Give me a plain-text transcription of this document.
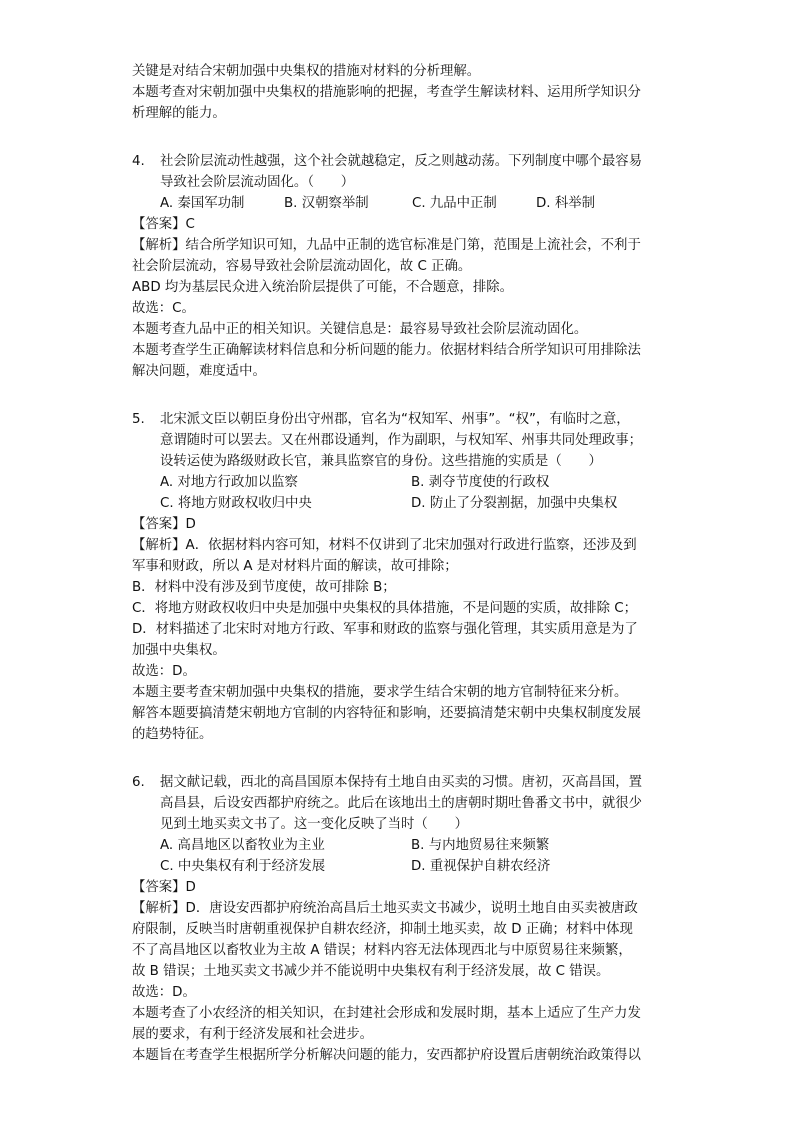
关键是对结合宋朝加强中央集权的措施对材料的分析理解。

本题考查对宋朝加强中央集权的措施影响的把握，考查学生解读材料、运用所学知识分

析理解的能力。

4.	社会阶层流动性越强，这个社会就越稳定，反之则越动荡。下列制度中哪个最容易

导致社会阶层流动固化。（　　）

A. 秦国军功制	B. 汉朝察举制	C. 九品中正制	D. 科举制

【答案】C

【解析】结合所学知识可知，九品中正制的选官标准是门第，范围是上流社会，不利于

社会阶层流动，容易导致社会阶层流动固化，故 C 正确。

ABD 均为基层民众进入统治阶层提供了可能，不合题意，排除。

故选：C。

本题考查九品中正的相关知识。关键信息是：最容易导致社会阶层流动固化。

本题考查学生正确解读材料信息和分析问题的能力。依据材料结合所学知识可用排除法

解决问题，难度适中。

5.	北宋派文臣以朝臣身份出守州郡，官名为“权知军、州事”。“权”，有临时之意，

意谓随时可以罢去。又在州郡设通判，作为副职，与权知军、州事共同处理政事；

设转运使为路级财政长官，兼具监察官的身份。这些措施的实质是（　　）

A. 对地方行政加以监察	B. 剥夺节度使的行政权
C. 将地方财政权收归中央	D. 防止了分裂割据，加强中央集权

【答案】D

【解析】A．依据材料内容可知，材料不仅讲到了北宋加强对行政进行监察，还涉及到

军事和财政，所以 A 是对材料片面的解读，故可排除；

B．材料中没有涉及到节度使，故可排除 B；

C．将地方财政权收归中央是加强中央集权的具体措施，不是问题的实质，故排除 C；

D．材料描述了北宋时对地方行政、军事和财政的监察与强化管理，其实质用意是为了

加强中央集权。

故选：D。

本题主要考查宋朝加强中央集权的措施，要求学生结合宋朝的地方官制特征来分析。

解答本题要搞清楚宋朝地方官制的内容特征和影响，还要搞清楚宋朝中央集权制度发展

的趋势特征。

6.	据文献记载，西北的高昌国原本保持有土地自由买卖的习惯。唐初，灭高昌国，置

高昌县，后设安西都护府统之。此后在该地出土的唐朝时期吐鲁番文书中，就很少

见到土地买卖文书了。这一变化反映了当时（　　）

A. 高昌地区以畜牧业为主业	B. 与内地贸易往来频繁
C. 中央集权有利于经济发展	D. 重视保护自耕农经济

【答案】D

【解析】D．唐设安西都护府统治高昌后土地买卖文书减少，说明土地自由买卖被唐政

府限制，反映当时唐朝重视保护自耕农经济，抑制土地买卖，故 D 正确；材料中体现

不了高昌地区以畜牧业为主故 A 错误；材料内容无法体现西北与中原贸易往来频繁，

故 B 错误；土地买卖文书减少并不能说明中央集权有利于经济发展，故 C 错误。

故选：D。

本题考查了小农经济的相关知识，在封建社会形成和发展时期，基本上适应了生产力发

展的要求，有利于经济发展和社会进步。

本题旨在考查学生根据所学分析解决问题的能力，安西都护府设置后唐朝统治政策得以
